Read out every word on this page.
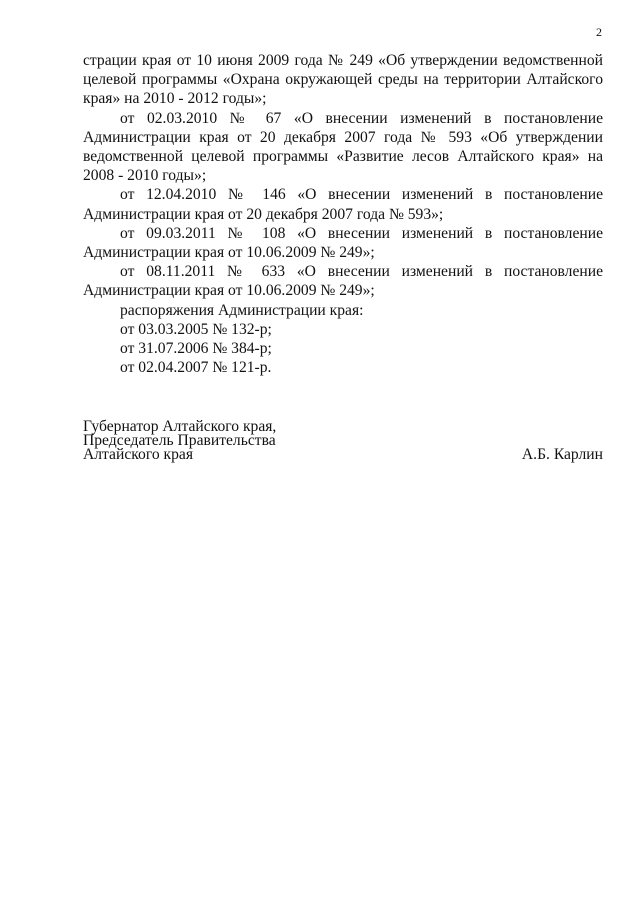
2

страции края от 10 июня 2009 года № 249 «Об утверждении ведомственной целевой программы «Охрана окружающей среды на территории Алтайского края» на 2010 - 2012 годы»;

от 02.03.2010 № 67 «О внесении изменений в постановление Администрации края от 20 декабря 2007 года № 593 «Об утверждении ведомственной целевой программы «Развитие лесов Алтайского края» на 2008 - 2010 годы»;

от 12.04.2010 № 146 «О внесении изменений в постановление Администрации края от 20 декабря 2007 года № 593»;

от 09.03.2011 № 108 «О внесении изменений в постановление Администрации края от 10.06.2009 № 249»;

от 08.11.2011 № 633 «О внесении изменений в постановление Администрации края от 10.06.2009 № 249»;

распоряжения Администрации края:

от 03.03.2005 № 132-р;

от 31.07.2006 № 384-р;

от 02.04.2007 № 121-р.

Губернатор Алтайского края,
Председатель Правительства
Алтайского края	А.Б. Карлин
